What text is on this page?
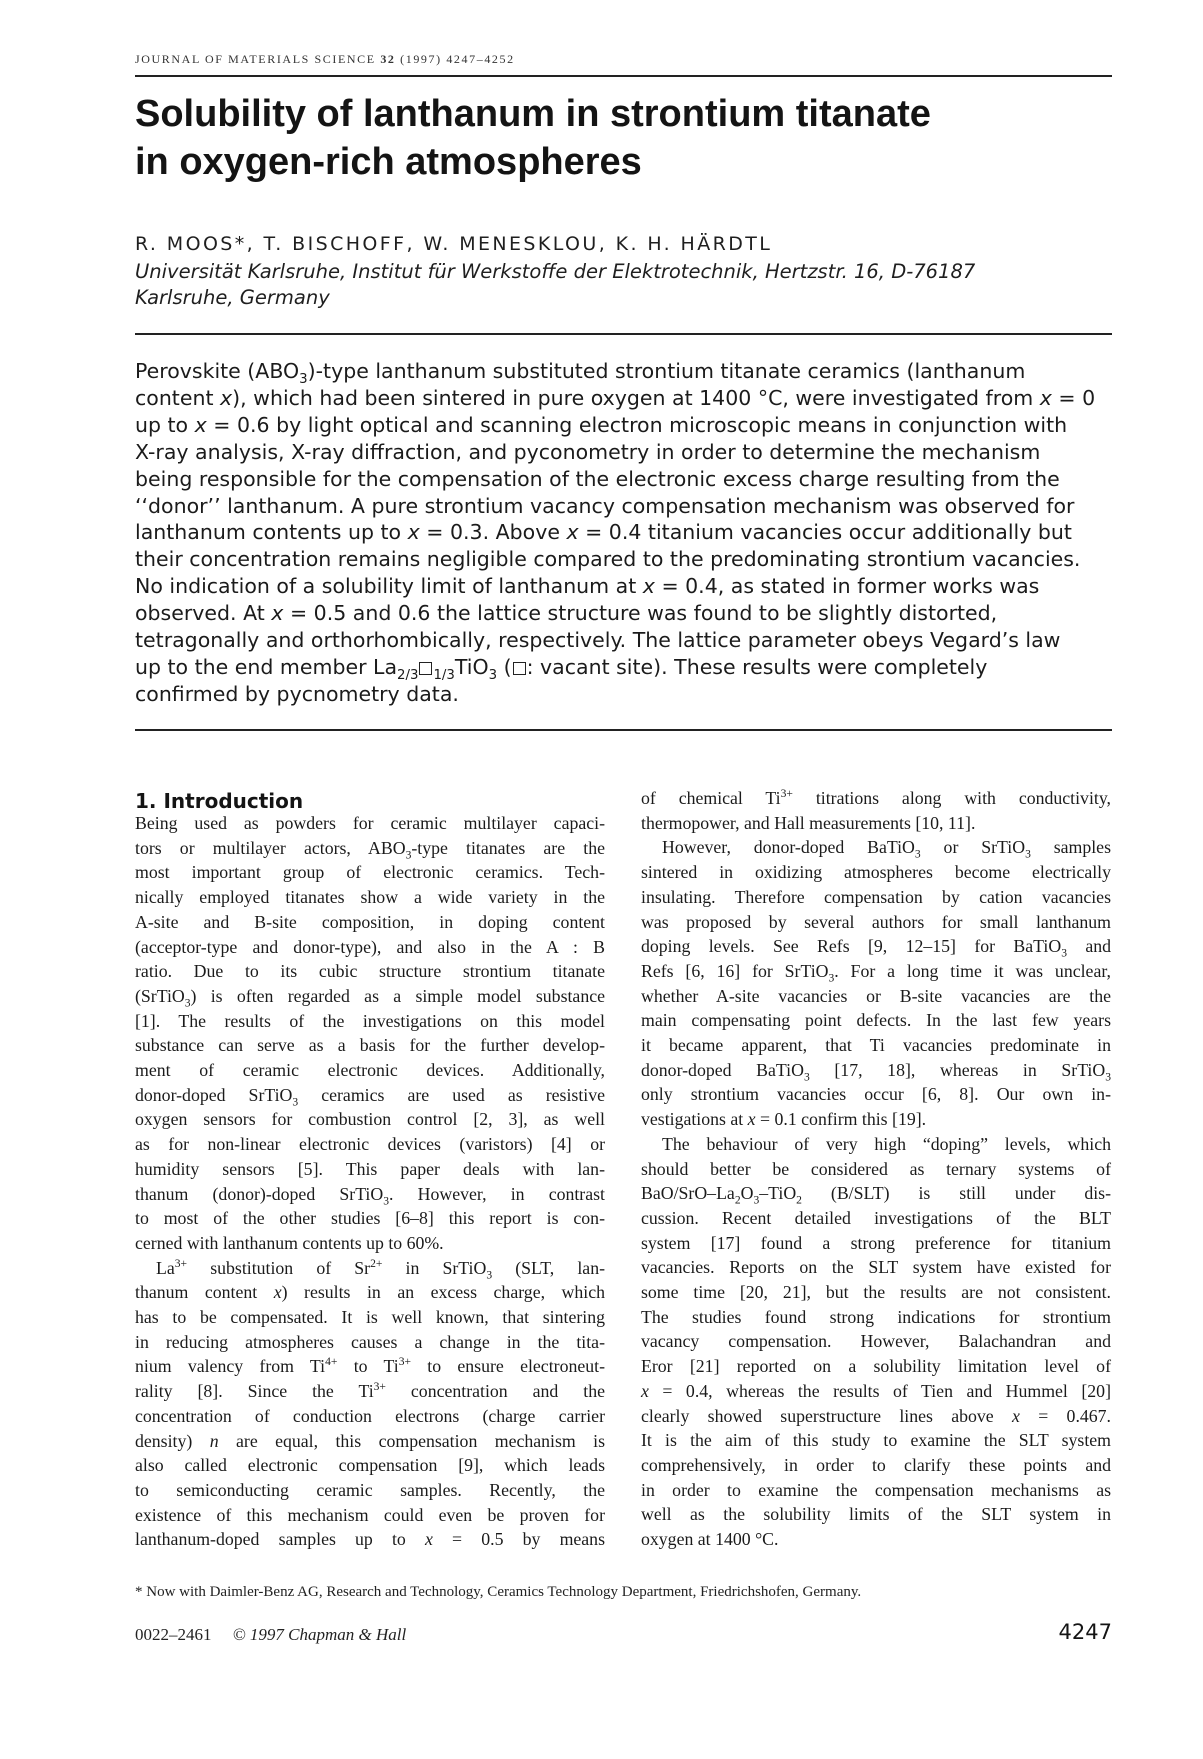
JOURNAL OF MATERIALS SCIENCE 32 (1997) 4247–4252
Solubility of lanthanum in strontium titanate
in oxygen-rich atmospheres
R. MOOS*, T. BISCHOFF, W. MENESKLOU, K. H. HÄRDTL
Universität Karlsruhe, Institut für Werkstoffe der Elektrotechnik, Hertzstr. 16, D-76187
Karlsruhe, Germany
Perovskite $(ABO_3)$-type lanthanum substituted strontium titanate ceramics (lanthanum
content x), which had been sintered in pure oxygen at 1400 °C, were investigated from x = 0
up to x = 0.6 by light optical and scanning electron microscopic means in conjunction with
X-ray analysis, X-ray diffraction, and pyconometry in order to determine the mechanism
being responsible for the compensation of the electronic excess charge resulting from the
‘‘donor’’ lanthanum. A pure strontium vacancy compensation mechanism was observed for
lanthanum contents up to x = 0.3. Above x = 0.4 titanium vacancies occur additionally but
their concentration remains negligible compared to the predominating strontium vacancies.
No indication of a solubility limit of lanthanum at x = 0.4, as stated in former works was
observed. At x = 0.5 and 0.6 the lattice structure was found to be slightly distorted,
tetragonally and orthorhombically, respectively. The lattice parameter obeys Vegard’s law
up to the end member $La_{2/3}$ $_{1/3}$TiO$_3$ ( : vacant site). These results were completely
confirmed by pycnometry data.
1. Introduction
Being used as powders for ceramic multilayer capaci-
tors or multilayer actors, $ABO_3$-type titanates are the
most important group of electronic ceramics. Tech-
nically employed titanates show a wide variety in the
A-site and B-site composition, in doping content
(acceptor-type and donor-type), and also in the A : B
ratio. Due to its cubic structure strontium titanate
(SrTiO$_3$) is often regarded as a simple model substance
[1]. The results of the investigations on this model
substance can serve as a basis for the further develop-
ment of ceramic electronic devices. Additionally,
donor-doped SrTiO$_3$ ceramics are used as resistive
oxygen sensors for combustion control [2, 3], as well
as for non-linear electronic devices (varistors) [4] or
humidity sensors [5]. This paper deals with lan-
thanum (donor)-doped SrTiO$_3$. However, in contrast
to most of the other studies [6–8] this report is con-
cerned with lanthanum contents up to 60%.
$La^{3+}$ substitution of $Sr^{2+}$ in SrTiO$_3$ (SLT, lan-
thanum content x) results in an excess charge, which
has to be compensated. It is well known, that sintering
in reducing atmospheres causes a change in the tita-
nium valency from $Ti^{4+}$ to $Ti^{3+}$ to ensure electroneut-
rality [8]. Since the $Ti^{3+}$ concentration and the
concentration of conduction electrons (charge carrier
density) n are equal, this compensation mechanism is
also called electronic compensation [9], which leads
to semiconducting ceramic samples. Recently, the
existence of this mechanism could even be proven for
lanthanum-doped samples up to x = 0.5 by means
of chemical $Ti^{3+}$ titrations along with conductivity,
thermopower, and Hall measurements [10, 11].
However, donor-doped BaTiO$_3$ or SrTiO$_3$ samples
sintered in oxidizing atmospheres become electrically
insulating. Therefore compensation by cation vacancies
was proposed by several authors for small lanthanum
doping levels. See Refs [9, 12–15] for BaTiO$_3$ and
Refs [6, 16] for SrTiO$_3$. For a long time it was unclear,
whether A-site vacancies or B-site vacancies are the
main compensating point defects. In the last few years
it became apparent, that Ti vacancies predominate in
donor-doped BaTiO$_3$ [17, 18], whereas in SrTiO$_3$
only strontium vacancies occur [6, 8]. Our own in-
vestigations at x = 0.1 confirm this [19].
The behaviour of very high “doping” levels, which
should better be considered as ternary systems of
BaO/$SrO-La_2O_3-TiO_2$ (B/SLT) is still under dis-
cussion. Recent detailed investigations of the BLT
system [17] found a strong preference for titanium
vacancies. Reports on the SLT system have existed for
some time [20, 21], but the results are not consistent.
The studies found strong indications for strontium
vacancy compensation. However, Balachandran and
Eror [21] reported on a solubility limitation level of
x = 0.4, whereas the results of Tien and Hummel [20]
clearly showed superstructure lines above x = 0.467.
It is the aim of this study to examine the SLT system
comprehensively, in order to clarify these points and
in order to examine the compensation mechanisms as
well as the solubility limits of the SLT system in
oxygen at 1400 °C.
* Now with Daimler-Benz AG, Research and Technology, Ceramics Technology Department, Friedrichshofen, Germany.
0022–2461 © 1997 Chapman & Hall	4247
